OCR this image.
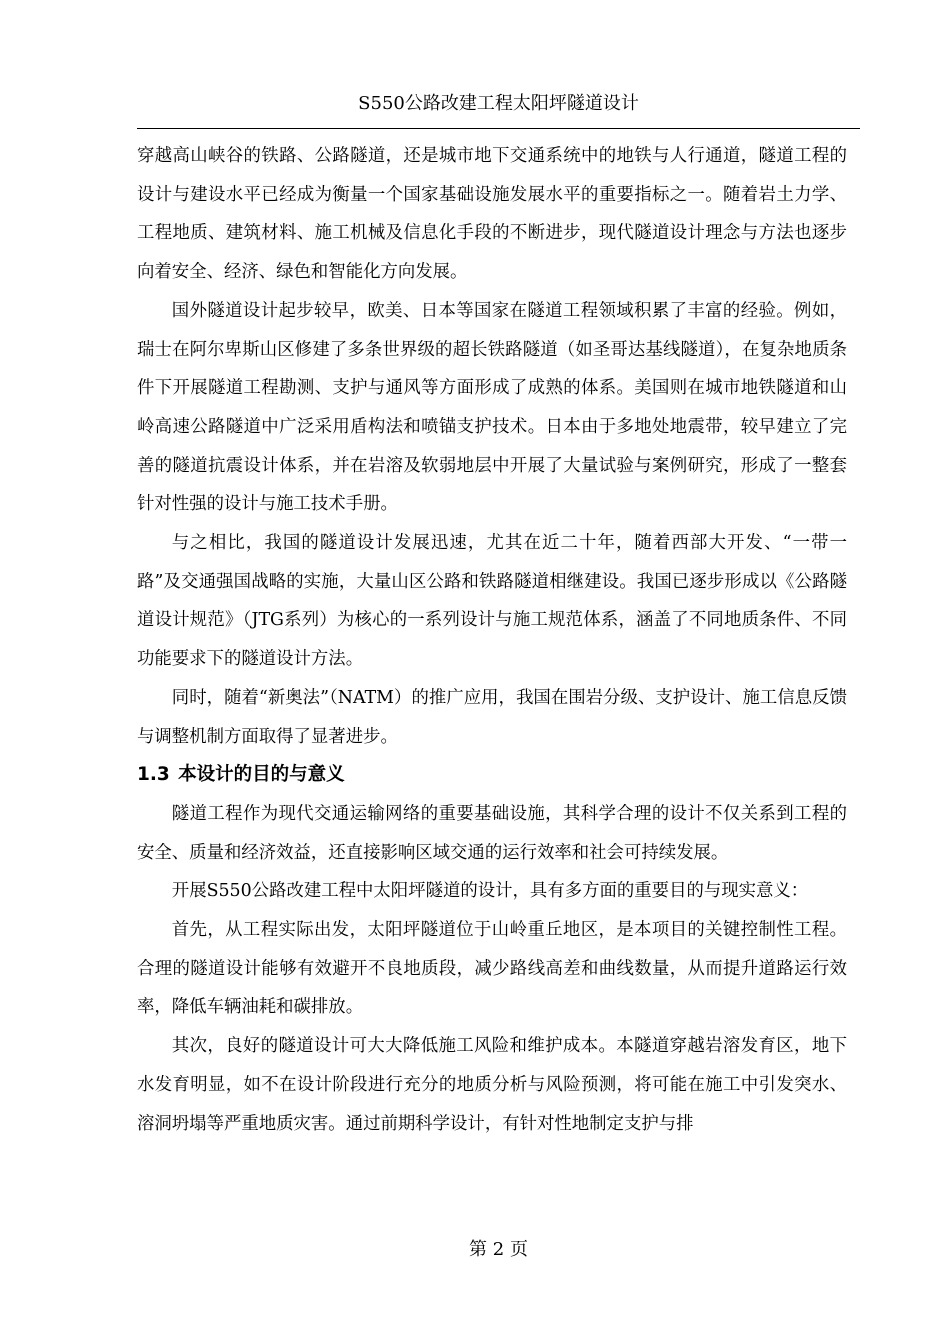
S550公路改建工程太阳坪隧道设计

穿越高山峡谷的铁路、公路隧道，还是城市地下交通系统中的地铁与人行通道，隧道工程的设计与建设水平已经成为衡量一个国家基础设施发展水平的重要指标之一。随着岩土力学、工程地质、建筑材料、施工机械及信息化手段的不断进步，现代隧道设计理念与方法也逐步向着安全、经济、绿色和智能化方向发展。

国外隧道设计起步较早，欧美、日本等国家在隧道工程领域积累了丰富的经验。例如，瑞士在阿尔卑斯山区修建了多条世界级的超长铁路隧道（如圣哥达基线隧道），在复杂地质条件下开展隧道工程勘测、支护与通风等方面形成了成熟的体系。美国则在城市地铁隧道和山岭高速公路隧道中广泛采用盾构法和喷锚支护技术。日本由于多地处地震带，较早建立了完善的隧道抗震设计体系，并在岩溶及软弱地层中开展了大量试验与案例研究，形成了一整套针对性强的设计与施工技术手册。

与之相比，我国的隧道设计发展迅速，尤其在近二十年，随着西部大开发、“一带一路”及交通强国战略的实施，大量山区公路和铁路隧道相继建设。我国已逐步形成以《公路隧道设计规范》（JTG系列）为核心的一系列设计与施工规范体系，涵盖了不同地质条件、不同功能要求下的隧道设计方法。

同时，随着“新奥法”（NATM）的推广应用，我国在围岩分级、支护设计、施工信息反馈与调整机制方面取得了显著进步。

1.3 本设计的目的与意义

隧道工程作为现代交通运输网络的重要基础设施，其科学合理的设计不仅关系到工程的安全、质量和经济效益，还直接影响区域交通的运行效率和社会可持续发展。

开展S550公路改建工程中太阳坪隧道的设计，具有多方面的重要目的与现实意义：

首先，从工程实际出发，太阳坪隧道位于山岭重丘地区，是本项目的关键控制性工程。合理的隧道设计能够有效避开不良地质段，减少路线高差和曲线数量，从而提升道路运行效率，降低车辆油耗和碳排放。

其次，良好的隧道设计可大大降低施工风险和维护成本。本隧道穿越岩溶发育区，地下水发育明显，如不在设计阶段进行充分的地质分析与风险预测，将可能在施工中引发突水、溶洞坍塌等严重地质灾害。通过前期科学设计，有针对性地制定支护与排

第 2 页
